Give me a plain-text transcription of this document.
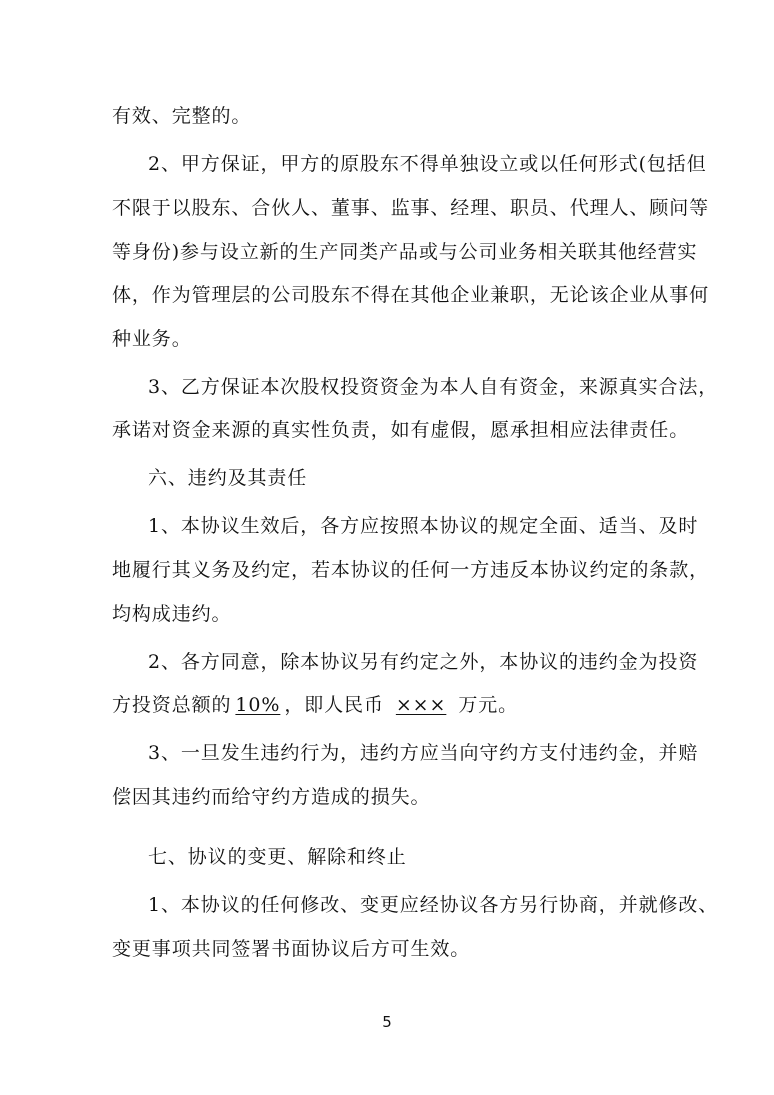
有效、完整的。
2、甲方保证，甲方的原股东不得单独设立或以任何形式(包括但
不限于以股东、合伙人、董事、监事、经理、职员、代理人、顾问等
等身份)参与设立新的生产同类产品或与公司业务相关联其他经营实
体，作为管理层的公司股东不得在其他企业兼职，无论该企业从事何
种业务。
3、乙方保证本次股权投资资金为本人自有资金，来源真实合法，
承诺对资金来源的真实性负责，如有虚假，愿承担相应法律责任。
六、违约及其责任
1、本协议生效后，各方应按照本协议的规定全面、适当、及时
地履行其义务及约定，若本协议的任何一方违反本协议约定的条款，
均构成违约。
2、各方同意，除本协议另有约定之外，本协议的违约金为投资
方投资总额的 10% ，即人民币 ××× 万元。
3、一旦发生违约行为，违约方应当向守约方支付违约金，并赔
偿因其违约而给守约方造成的损失。
七、协议的变更、解除和终止
1、本协议的任何修改、变更应经协议各方另行协商，并就修改、
变更事项共同签署书面协议后方可生效。
5
